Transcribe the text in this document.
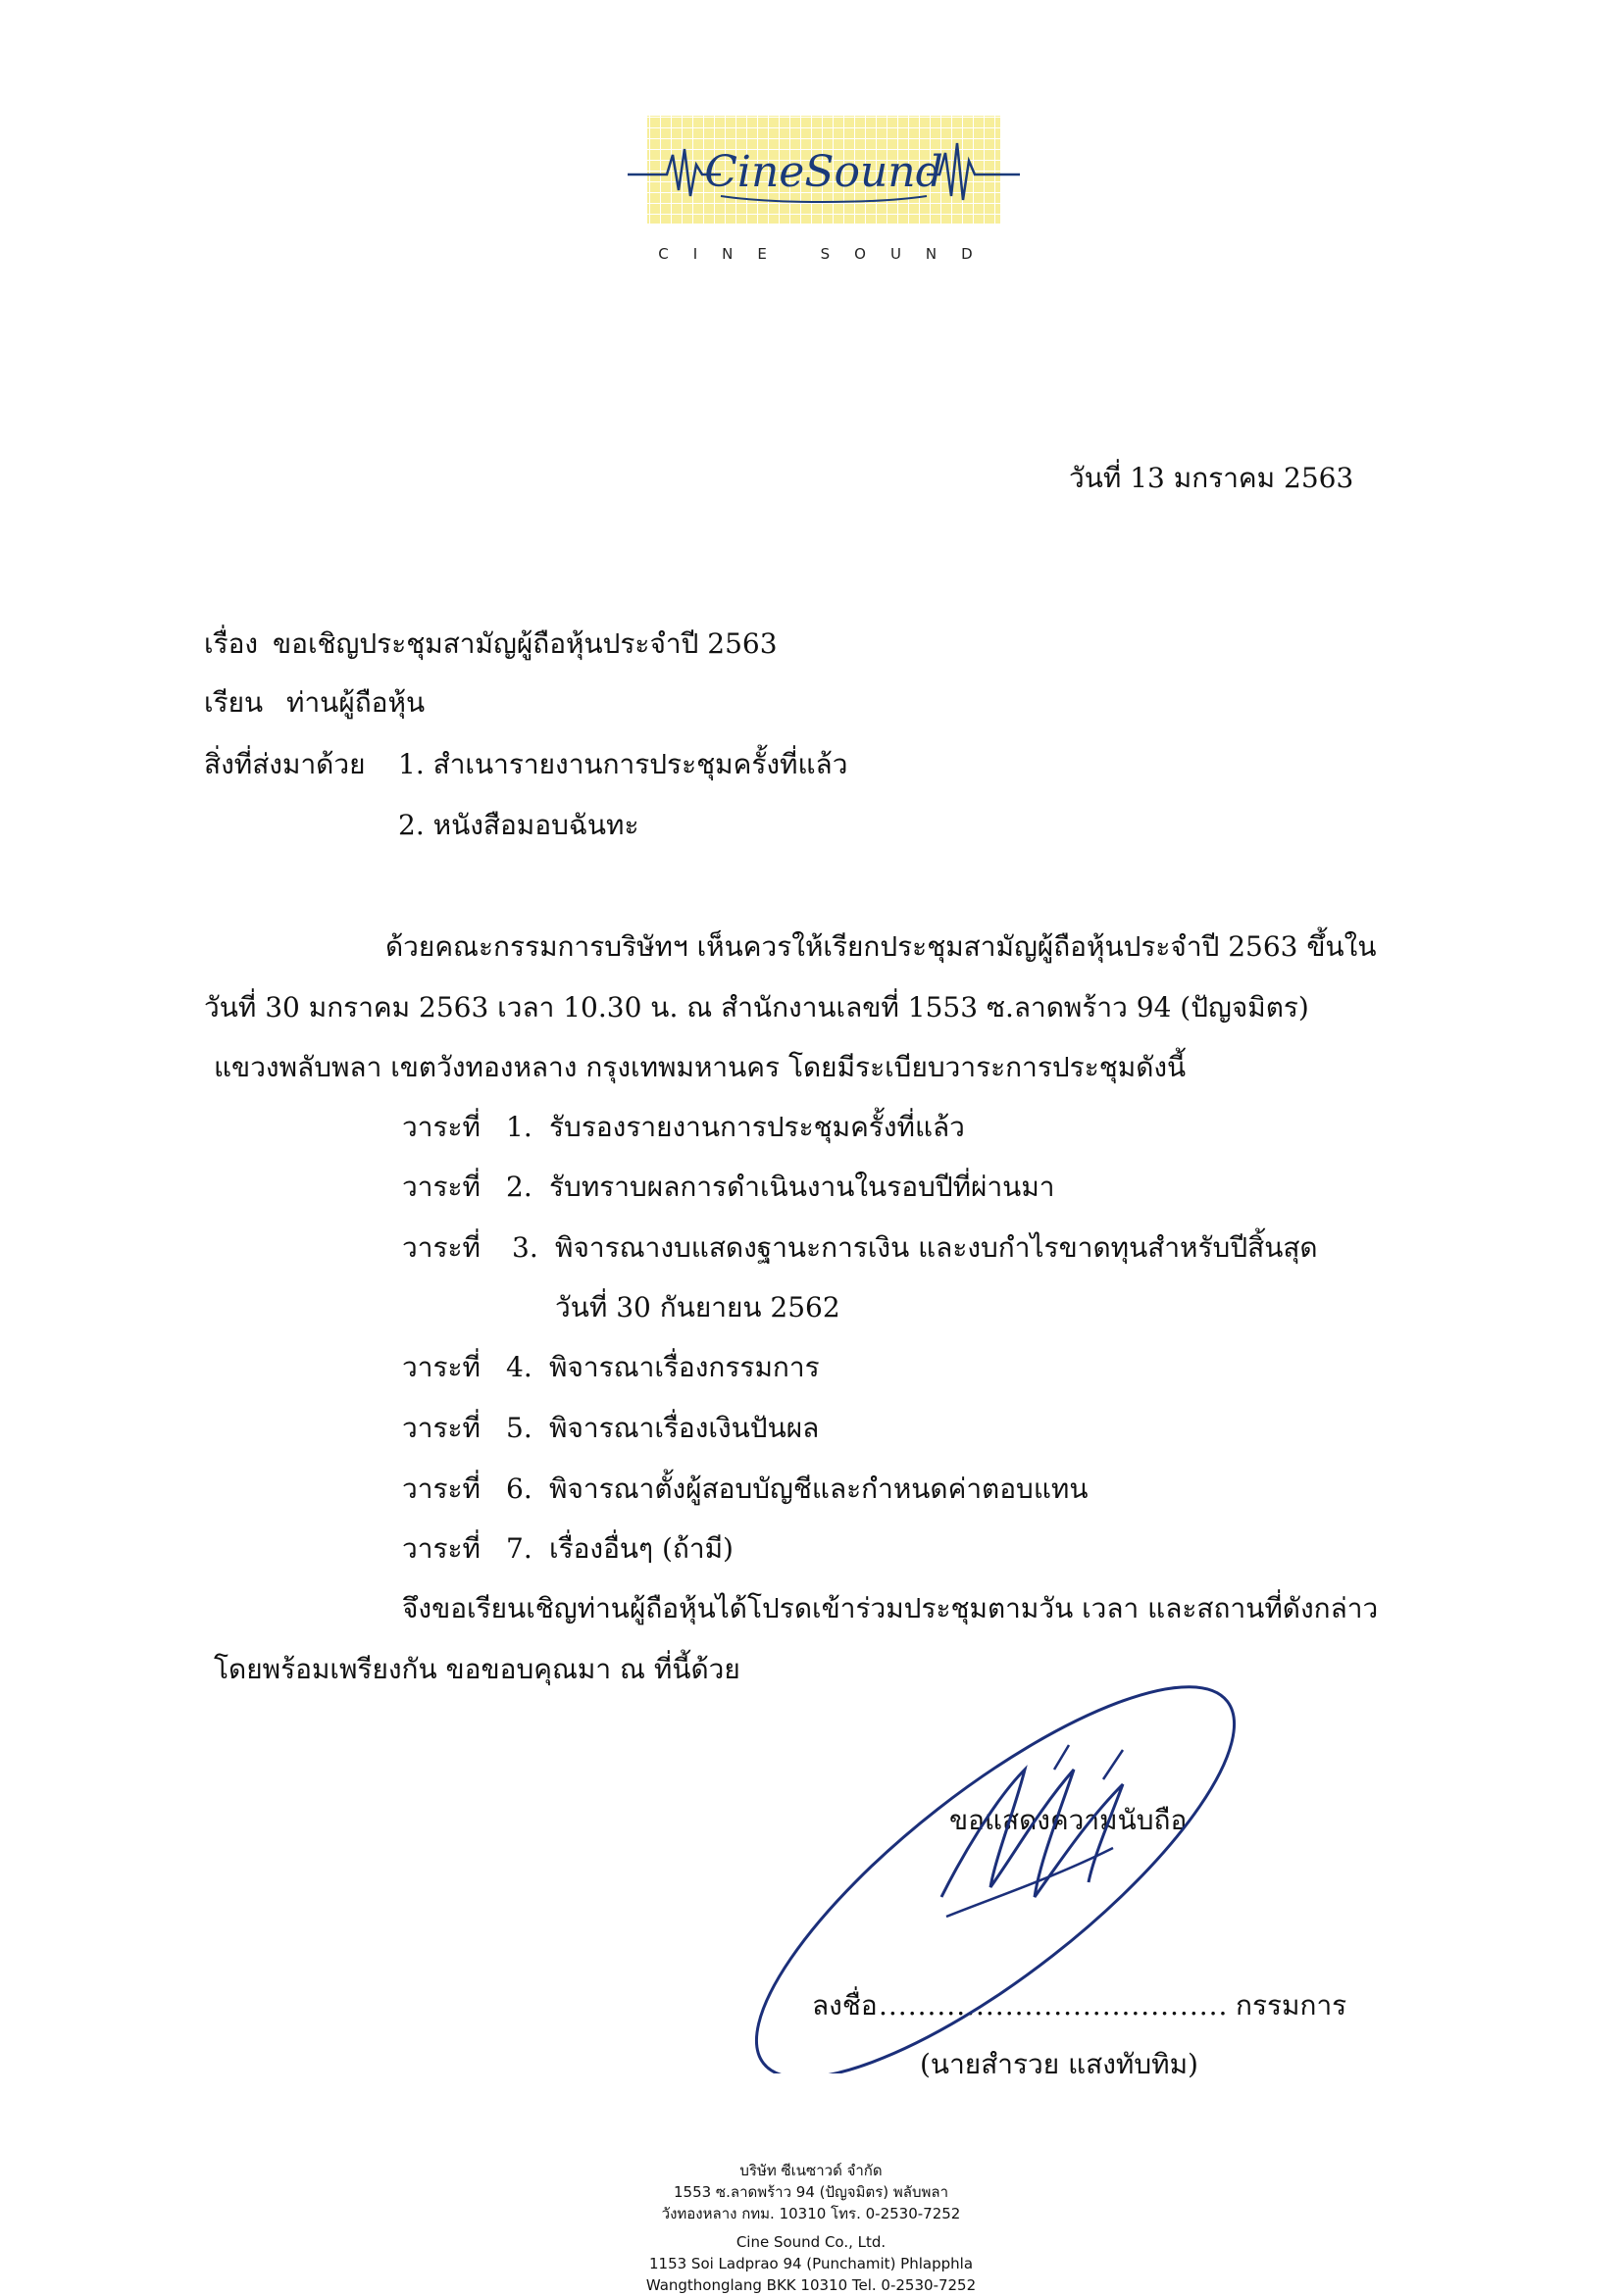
CineSound
CINE SOUND
วันที่ 13 มกราคม 2563
เรื่อง ขอเชิญประชุมสามัญผู้ถือหุ้นประจำปี 2563
เรียน ท่านผู้ถือหุ้น
สิ่งที่ส่งมาด้วย 1. สำเนารายงานการประชุมครั้งที่แล้ว
2. หนังสือมอบฉันทะ
ด้วยคณะกรรมการบริษัทฯ เห็นควรให้เรียกประชุมสามัญผู้ถือหุ้นประจำปี 2563 ขึ้นใน
วันที่ 30 มกราคม 2563 เวลา 10.30 น. ณ สำนักงานเลขที่ 1553 ซ.ลาดพร้าว 94 (ปัญจมิตร)
แขวงพลับพลา เขตวังทองหลาง กรุงเทพมหานคร โดยมีระเบียบวาระการประชุมดังนี้
วาระที่ 1. รับรองรายงานการประชุมครั้งที่แล้ว
วาระที่ 2. รับทราบผลการดำเนินงานในรอบปีที่ผ่านมา
วาระที่ 3. พิจารณางบแสดงฐานะการเงิน และงบกำไรขาดทุนสำหรับปีสิ้นสุด
วันที่ 30 กันยายน 2562
วาระที่ 4. พิจารณาเรื่องกรรมการ
วาระที่ 5. พิจารณาเรื่องเงินปันผล
วาระที่ 6. พิจารณาตั้งผู้สอบบัญชีและกำหนดค่าตอบแทน
วาระที่ 7. เรื่องอื่นๆ (ถ้ามี)
จึงขอเรียนเชิญท่านผู้ถือหุ้นได้โปรดเข้าร่วมประชุมตามวัน เวลา และสถานที่ดังกล่าว
โดยพร้อมเพรียงกัน ขอขอบคุณมา ณ ที่นี้ด้วย
ขอแสดงความนับถือ
ลงชื่อ .................................... กรรมการ
(นายสำรวย แสงทับทิม)
บริษัท ซีเนซาวด์ จำกัด
1553 ซ.ลาดพร้าว 94 (ปัญจมิตร) พลับพลา
วังทองหลาง กทม. 10310 โทร. 0-2530-7252
Cine Sound Co., Ltd.
1153 Soi Ladprao 94 (Punchamit) Phlapphla
Wangthonglang BKK 10310 Tel. 0-2530-7252
